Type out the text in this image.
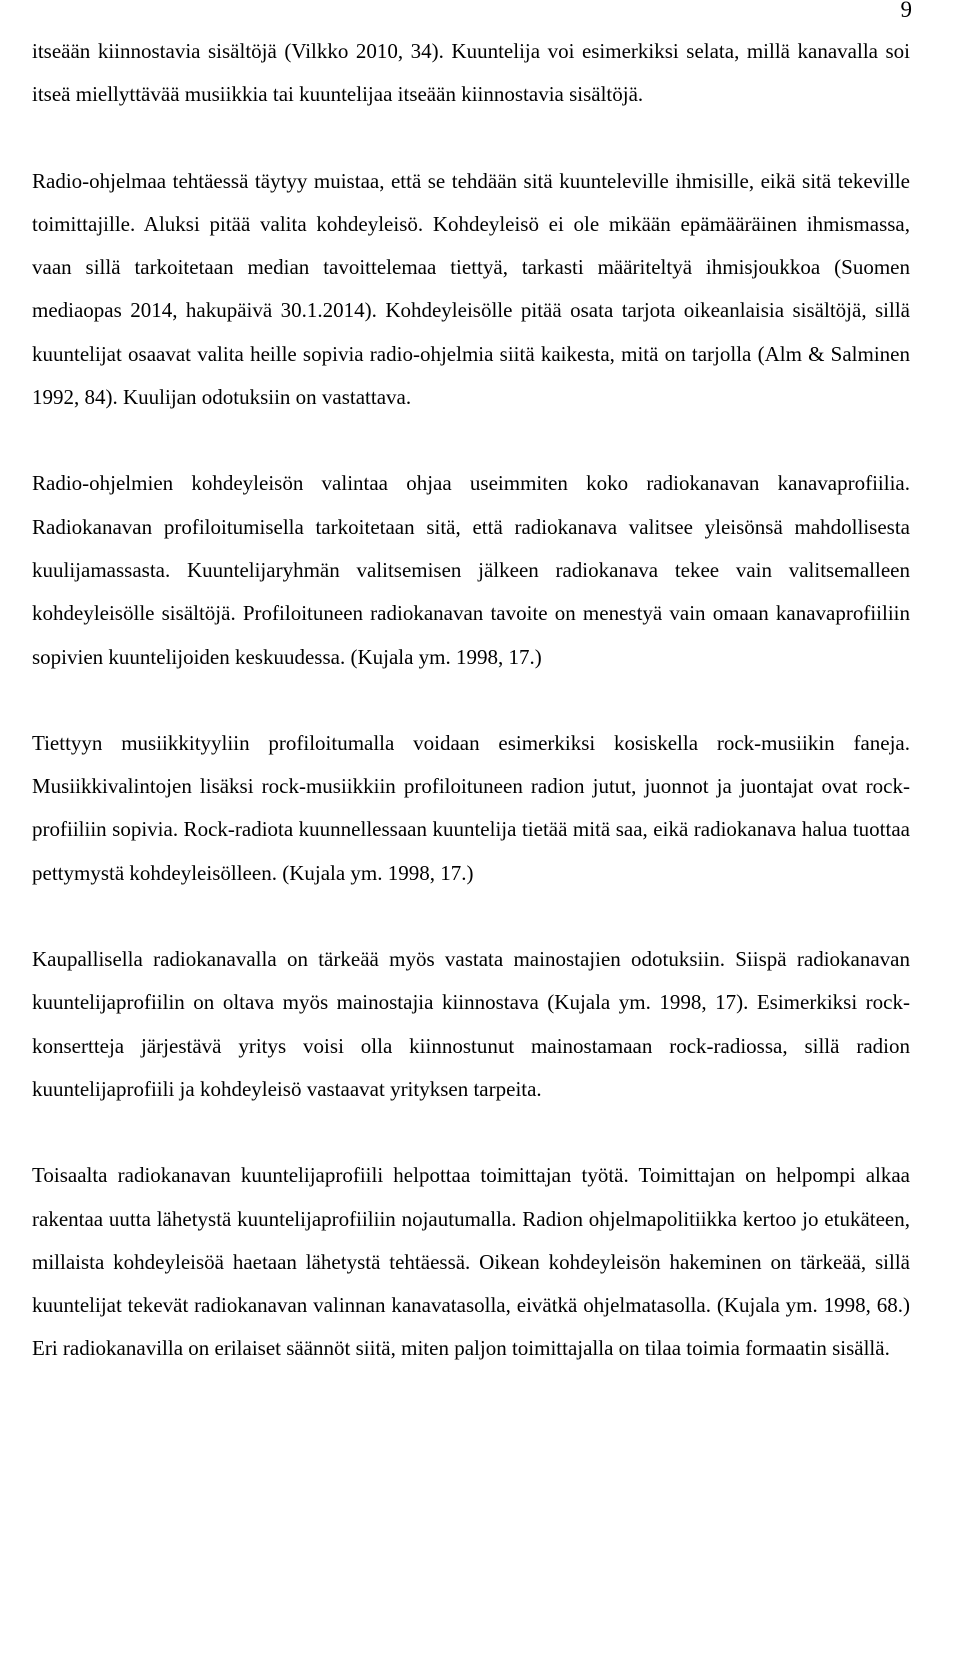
9

itseään kiinnostavia sisältöjä (Vilkko 2010, 34). Kuuntelija voi esimerkiksi selata, millä kanavalla soi itseä miellyttävää musiikkia tai kuuntelijaa itseään kiinnostavia sisältöjä.

Radio-ohjelmaa tehtäessä täytyy muistaa, että se tehdään sitä kuunteleville ihmisille, eikä sitä tekeville toimittajille. Aluksi pitää valita kohdeyleisö. Kohdeyleisö ei ole mikään epämääräinen ihmismassa, vaan sillä tarkoitetaan median tavoittelemaa tiettyä, tarkasti määriteltyä ihmisjoukkoa (Suomen mediaopas 2014, hakupäivä 30.1.2014). Kohdeyleisölle pitää osata tarjota oikeanlaisia sisältöjä, sillä kuuntelijat osaavat valita heille sopivia radio-ohjelmia siitä kaikesta, mitä on tarjolla (Alm & Salminen 1992, 84). Kuulijan odotuksiin on vastattava.

Radio-ohjelmien kohdeyleisön valintaa ohjaa useimmiten koko radiokanavan kanavaprofiilia. Radiokanavan profiloitumisella tarkoitetaan sitä, että radiokanava valitsee yleisönsä mahdollisesta kuulijamassasta. Kuuntelijaryhmän valitsemisen jälkeen radiokanava tekee vain valitsemalleen kohdeyleisölle sisältöjä. Profiloituneen radiokanavan tavoite on menestyä vain omaan kanavaprofiiliin sopivien kuuntelijoiden keskuudessa. (Kujala ym. 1998, 17.)

Tiettyyn musiikkityyliin profiloitumalla voidaan esimerkiksi kosiskella rock-musiikin faneja. Musiikkivalintojen lisäksi rock-musiikkiin profiloituneen radion jutut, juonnot ja juontajat ovat rock-profiiliin sopivia. Rock-radiota kuunnellessaan kuuntelija tietää mitä saa, eikä radiokanava halua tuottaa pettymystä kohdeyleisölleen. (Kujala ym. 1998, 17.)

Kaupallisella radiokanavalla on tärkeää myös vastata mainostajien odotuksiin. Siispä radiokanavan kuuntelijaprofiilin on oltava myös mainostajia kiinnostava (Kujala ym. 1998, 17). Esimerkiksi rock-konsertteja järjestävä yritys voisi olla kiinnostunut mainostamaan rock-radiossa, sillä radion kuuntelijaprofiili ja kohdeyleisö vastaavat yrityksen tarpeita.

Toisaalta radiokanavan kuuntelijaprofiili helpottaa toimittajan työtä. Toimittajan on helpompi alkaa rakentaa uutta lähetystä kuuntelijaprofiiliin nojautumalla. Radion ohjelmapolitiikka kertoo jo etukäteen, millaista kohdeyleisöä haetaan lähetystä tehtäessä. Oikean kohdeyleisön hakeminen on tärkeää, sillä kuuntelijat tekevät radiokanavan valinnan kanavatasolla, eivätkä ohjelmatasolla. (Kujala ym. 1998, 68.) Eri radiokanavilla on erilaiset säännöt siitä, miten paljon toimittajalla on tilaa toimia formaatin sisällä.
